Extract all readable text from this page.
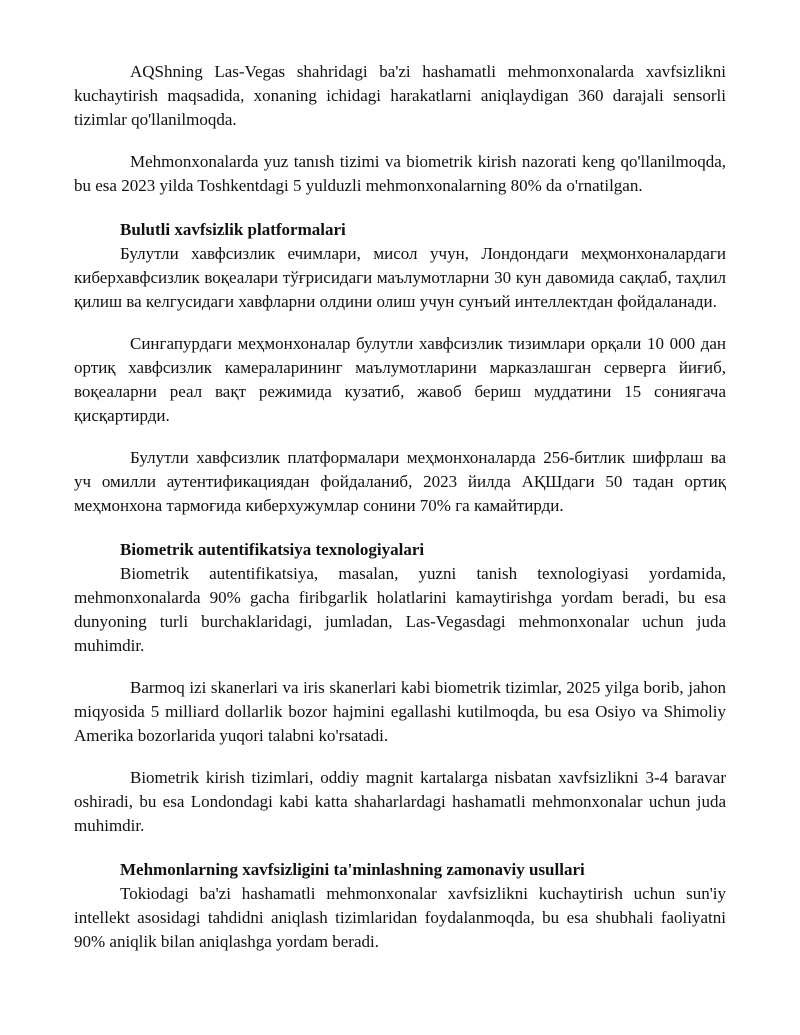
AQShning Las-Vegas shahridagi ba'zi hashamatli mehmonxonalarda xavfsizlikni kuchaytirish maqsadida, xonaning ichidagi harakatlarni aniqlaydigan 360 darajali sensorli tizimlar qo'llanilmoqda.

Mehmonxonalarda yuz tanısh tizimi va biometrik kirish nazorati keng qo'llanilmoqda, bu esa 2023 yilda Toshkentdagi 5 yulduzli mehmonxonalarning 80% da o'rnatilgan.

Bulutli xavfsizlik platformalari

Булутли хавфсизлик ечимлари, мисол учун, Лондондаги меҳмонхоналардаги киберхавфсизлик воқеалари тўғрисидаги маълумотларни 30 кун давомида сақлаб, таҳлил қилиш ва келгусидаги хавфларни олдини олиш учун сунъий интеллектдан фойдаланади.

Сингапурдаги меҳмонхоналар булутли хавфсизлик тизимлари орқали 10 000 дан ортиқ хавфсизлик камераларининг маълумотларини марказлашган серверга йиғиб, воқеаларни реал вақт режимида кузатиб, жавоб бериш муддатини 15 сониягача қисқартирди.

Булутли хавфсизлик платформалари меҳмонхоналарда 256-битлик шифрлаш ва уч омилли аутентификациядан фойдаланиб, 2023 йилда АҚШдаги 50 тадан ортиқ меҳмонхона тармоғида киберхужумлар сонини 70% га камайтирди.

Biometrik autentifikatsiya texnologiyalari

Biometrik autentifikatsiya, masalan, yuzni tanish texnologiyasi yordamida, mehmonxonalarda 90% gacha firibgarlik holatlarini kamaytirishga yordam beradi, bu esa dunyoning turli burchaklaridagi, jumladan, Las-Vegasdagi mehmonxonalar uchun juda muhimdir.

Barmoq izi skanerlari va iris skanerlari kabi biometrik tizimlar, 2025 yilga borib, jahon miqyosida 5 milliard dollarlik bozor hajmini egallashi kutilmoqda, bu esa Osiyo va Shimoliy Amerika bozorlarida yuqori talabni ko'rsatadi.

Biometrik kirish tizimlari, oddiy magnit kartalarga nisbatan xavfsizlikni 3-4 baravar oshiradi, bu esa Londondagi kabi katta shaharlardagi hashamatli mehmonxonalar uchun juda muhimdir.

Mehmonlarning xavfsizligini ta'minlashning zamonaviy usullari

Tokiodagi ba'zi hashamatli mehmonxonalar xavfsizlikni kuchaytirish uchun sun'iy intellekt asosidagi tahdidni aniqlash tizimlaridan foydalanmoqda, bu esa shubhali faoliyatni 90% aniqlik bilan aniqlashga yordam beradi.
